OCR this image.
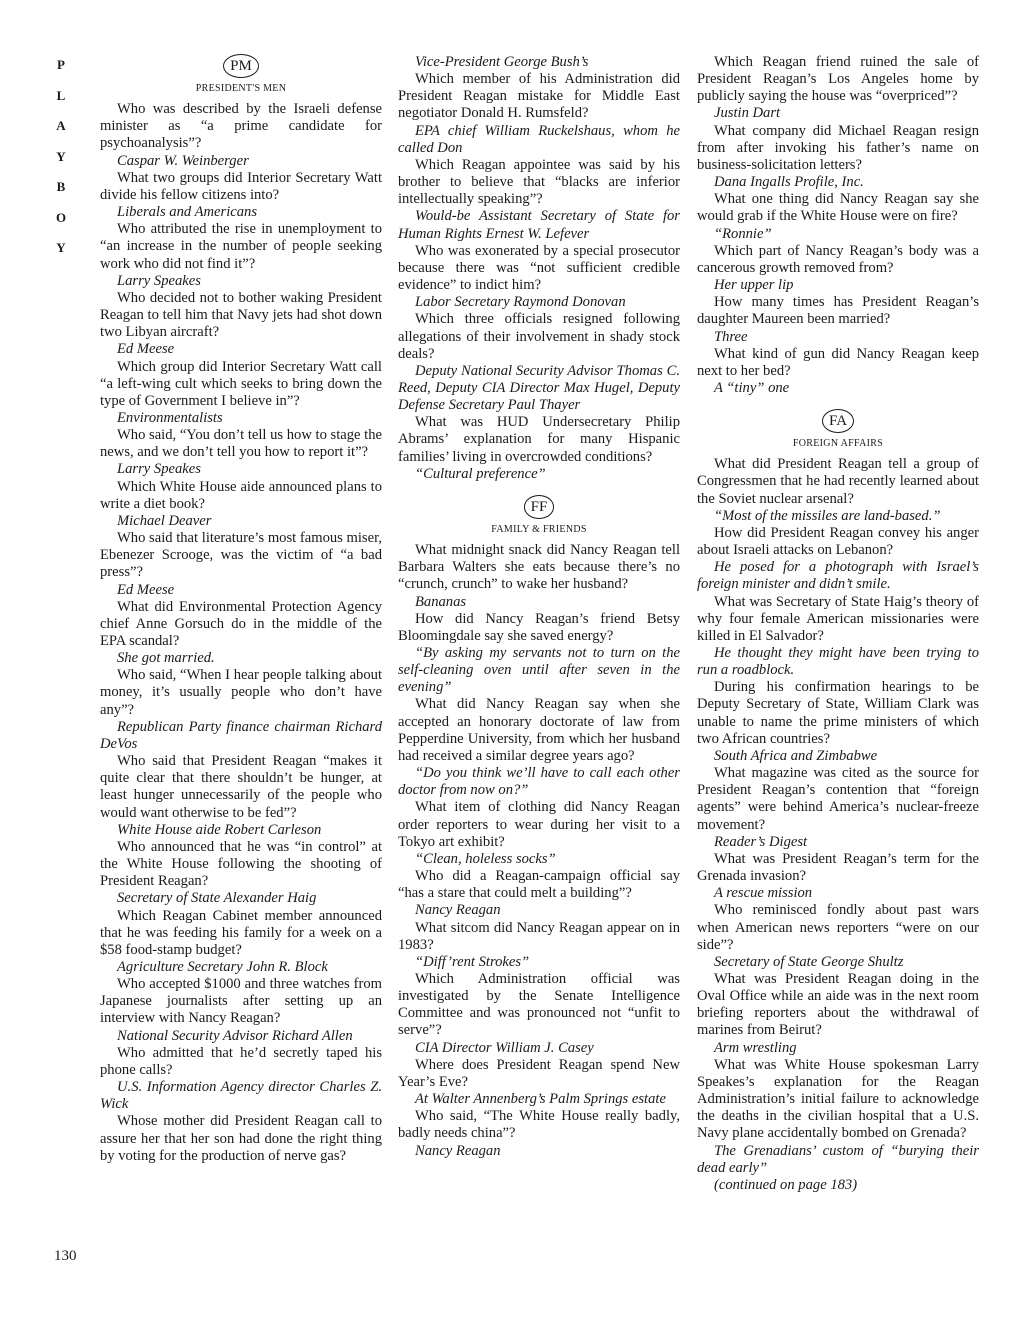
P
L
A
Y
B
O
Y
130
PM
PRESIDENT'S MEN

Who was described by the Israeli defense minister as “a prime candidate for psychoanalysis”?

Caspar W. Weinberger

What two groups did Interior Secretary Watt divide his fellow citizens into?

Liberals and Americans

Who attributed the rise in unemployment to “an increase in the number of people seeking work who did not find it”?

Larry Speakes

Who decided not to bother waking President Reagan to tell him that Navy jets had shot down two Libyan aircraft?

Ed Meese

Which group did Interior Secretary Watt call “a left-wing cult which seeks to bring down the type of Government I believe in”?

Environmentalists

Who said, “You don’t tell us how to stage the news, and we don’t tell you how to report it”?

Larry Speakes

Which White House aide announced plans to write a diet book?

Michael Deaver

Who said that literature’s most famous miser, Ebenezer Scrooge, was the victim of “a bad press”?

Ed Meese

What did Environmental Protection Agency chief Anne Gorsuch do in the middle of the EPA scandal?

She got married.

Who said, “When I hear people talking about money, it’s usually people who don’t have any”?

Republican Party finance chairman Richard DeVos

Who said that President Reagan “makes it quite clear that there shouldn’t be hunger, at least hunger unnecessarily of the people who would want otherwise to be fed”?

White House aide Robert Carleson

Who announced that he was “in control” at the White House following the shooting of President Reagan?

Secretary of State Alexander Haig

Which Reagan Cabinet member announced that he was feeding his family for a week on a $58 food-stamp budget?

Agriculture Secretary John R. Block

Who accepted $1000 and three watches from Japanese journalists after setting up an interview with Nancy Reagan?

National Security Advisor Richard Allen

Who admitted that he’d secretly taped his phone calls?

U.S. Information Agency director Charles Z. Wick

Whose mother did President Reagan call to assure her that her son had done the right thing by voting for the production of nerve gas?

Vice-President George Bush’s

Which member of his Administration did President Reagan mistake for Middle East negotiator Donald H. Rumsfeld?

EPA chief William Ruckelshaus, whom he called Don

Which Reagan appointee was said by his brother to believe that “blacks are inferior intellectually speaking”?

Would-be Assistant Secretary of State for Human Rights Ernest W. Lefever

Who was exonerated by a special prosecutor because there was “not sufficient credible evidence” to indict him?

Labor Secretary Raymond Donovan

Which three officials resigned following allegations of their involvement in shady stock deals?

Deputy National Security Advisor Thomas C. Reed, Deputy CIA Director Max Hugel, Deputy Defense Secretary Paul Thayer

What was HUD Undersecretary Philip Abrams’ explanation for many Hispanic families’ living in overcrowded conditions?

“Cultural preference”

FF
FAMILY & FRIENDS

What midnight snack did Nancy Reagan tell Barbara Walters she eats because there’s no “crunch, crunch” to wake her husband?

Bananas

How did Nancy Reagan’s friend Betsy Bloomingdale say she saved energy?

“By asking my servants not to turn on the self-cleaning oven until after seven in the evening”

What did Nancy Reagan say when she accepted an honorary doctorate of law from Pepperdine University, from which her husband had received a similar degree years ago?

“Do you think we’ll have to call each other doctor from now on?”

What item of clothing did Nancy Reagan order reporters to wear during her visit to a Tokyo art exhibit?

“Clean, holeless socks”

Who did a Reagan-campaign official say “has a stare that could melt a building”?

Nancy Reagan

What sitcom did Nancy Reagan appear on in 1983?

“Diff’rent Strokes”

Which Administration official was investigated by the Senate Intelligence Committee and was pronounced not “unfit to serve”?

CIA Director William J. Casey

Where does President Reagan spend New Year’s Eve?

At Walter Annenberg’s Palm Springs estate

Who said, “The White House really badly, badly needs china”?

Nancy Reagan

Which Reagan friend ruined the sale of President Reagan’s Los Angeles home by publicly saying the house was “overpriced”?

Justin Dart

What company did Michael Reagan resign from after invoking his father’s name on business-solicitation letters?

Dana Ingalls Profile, Inc.

What one thing did Nancy Reagan say she would grab if the White House were on fire?

“Ronnie”

Which part of Nancy Reagan’s body was a cancerous growth removed from?

Her upper lip

How many times has President Reagan’s daughter Maureen been married?

Three

What kind of gun did Nancy Reagan keep next to her bed?

A “tiny” one

FA
FOREIGN AFFAIRS

What did President Reagan tell a group of Congressmen that he had recently learned about the Soviet nuclear arsenal?

“Most of the missiles are land-based.”

How did President Reagan convey his anger about Israeli attacks on Lebanon?

He posed for a photograph with Israel’s foreign minister and didn’t smile.

What was Secretary of State Haig’s theory of why four female American missionaries were killed in El Salvador?

He thought they might have been trying to run a roadblock.

During his confirmation hearings to be Deputy Secretary of State, William Clark was unable to name the prime ministers of which two African countries?

South Africa and Zimbabwe

What magazine was cited as the source for President Reagan’s contention that “foreign agents” were behind America’s nuclear-freeze movement?

Reader’s Digest

What was President Reagan’s term for the Grenada invasion?

A rescue mission

Who reminisced fondly about past wars when American news reporters “were on our side”?

Secretary of State George Shultz

What was President Reagan doing in the Oval Office while an aide was in the next room briefing reporters about the withdrawal of marines from Beirut?

Arm wrestling

What was White House spokesman Larry Speakes’s explanation for the Reagan Administration’s initial failure to acknowledge the deaths in the civilian hospital that a U.S. Navy plane accidentally bombed on Grenada?

The Grenadians’ custom of “burying their dead early”

(continued on page 183)
